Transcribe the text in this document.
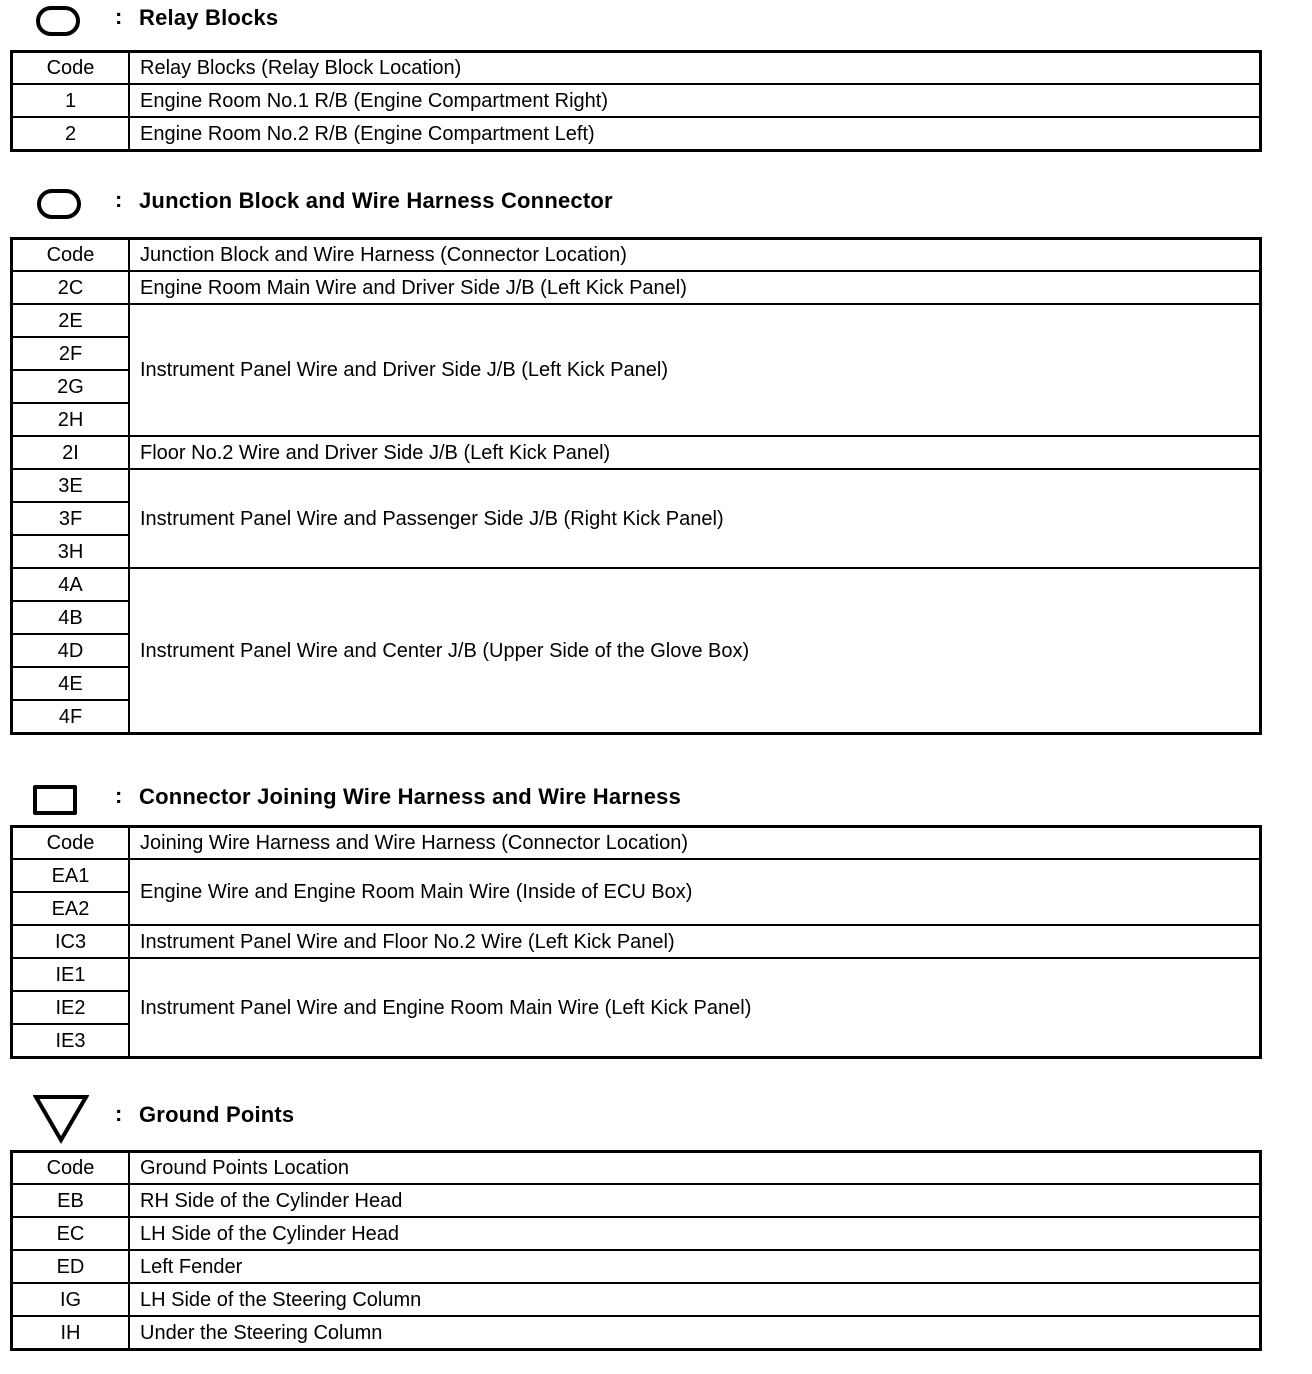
: Relay Blocks
Code	Relay Blocks (Relay Block Location)
1	Engine Room No.1 R/B (Engine Compartment Right)
2	Engine Room No.2 R/B (Engine Compartment Left)
: Junction Block and Wire Harness Connector
Code	Junction Block and Wire Harness (Connector Location)
2C	Engine Room Main Wire and Driver Side J/B (Left Kick Panel)
2E	Instrument Panel Wire and Driver Side J/B (Left Kick Panel)
2F	
2G	
2H	
2I	Floor No.2 Wire and Driver Side J/B (Left Kick Panel)
3E	Instrument Panel Wire and Passenger Side J/B (Right Kick Panel)
3F	
3H	
4A	Instrument Panel Wire and Center J/B (Upper Side of the Glove Box)
4B	
4D	
4E	
4F	
: Connector Joining Wire Harness and Wire Harness
Code	Joining Wire Harness and Wire Harness (Connector Location)
EA1	Engine Wire and Engine Room Main Wire (Inside of ECU Box)
EA2	
IC3	Instrument Panel Wire and Floor No.2 Wire (Left Kick Panel)
IE1	Instrument Panel Wire and Engine Room Main Wire (Left Kick Panel)
IE2	
IE3	
: Ground Points
Code	Ground Points Location
EB	RH Side of the Cylinder Head
EC	LH Side of the Cylinder Head
ED	Left Fender
IG	LH Side of the Steering Column
IH	Under the Steering Column
